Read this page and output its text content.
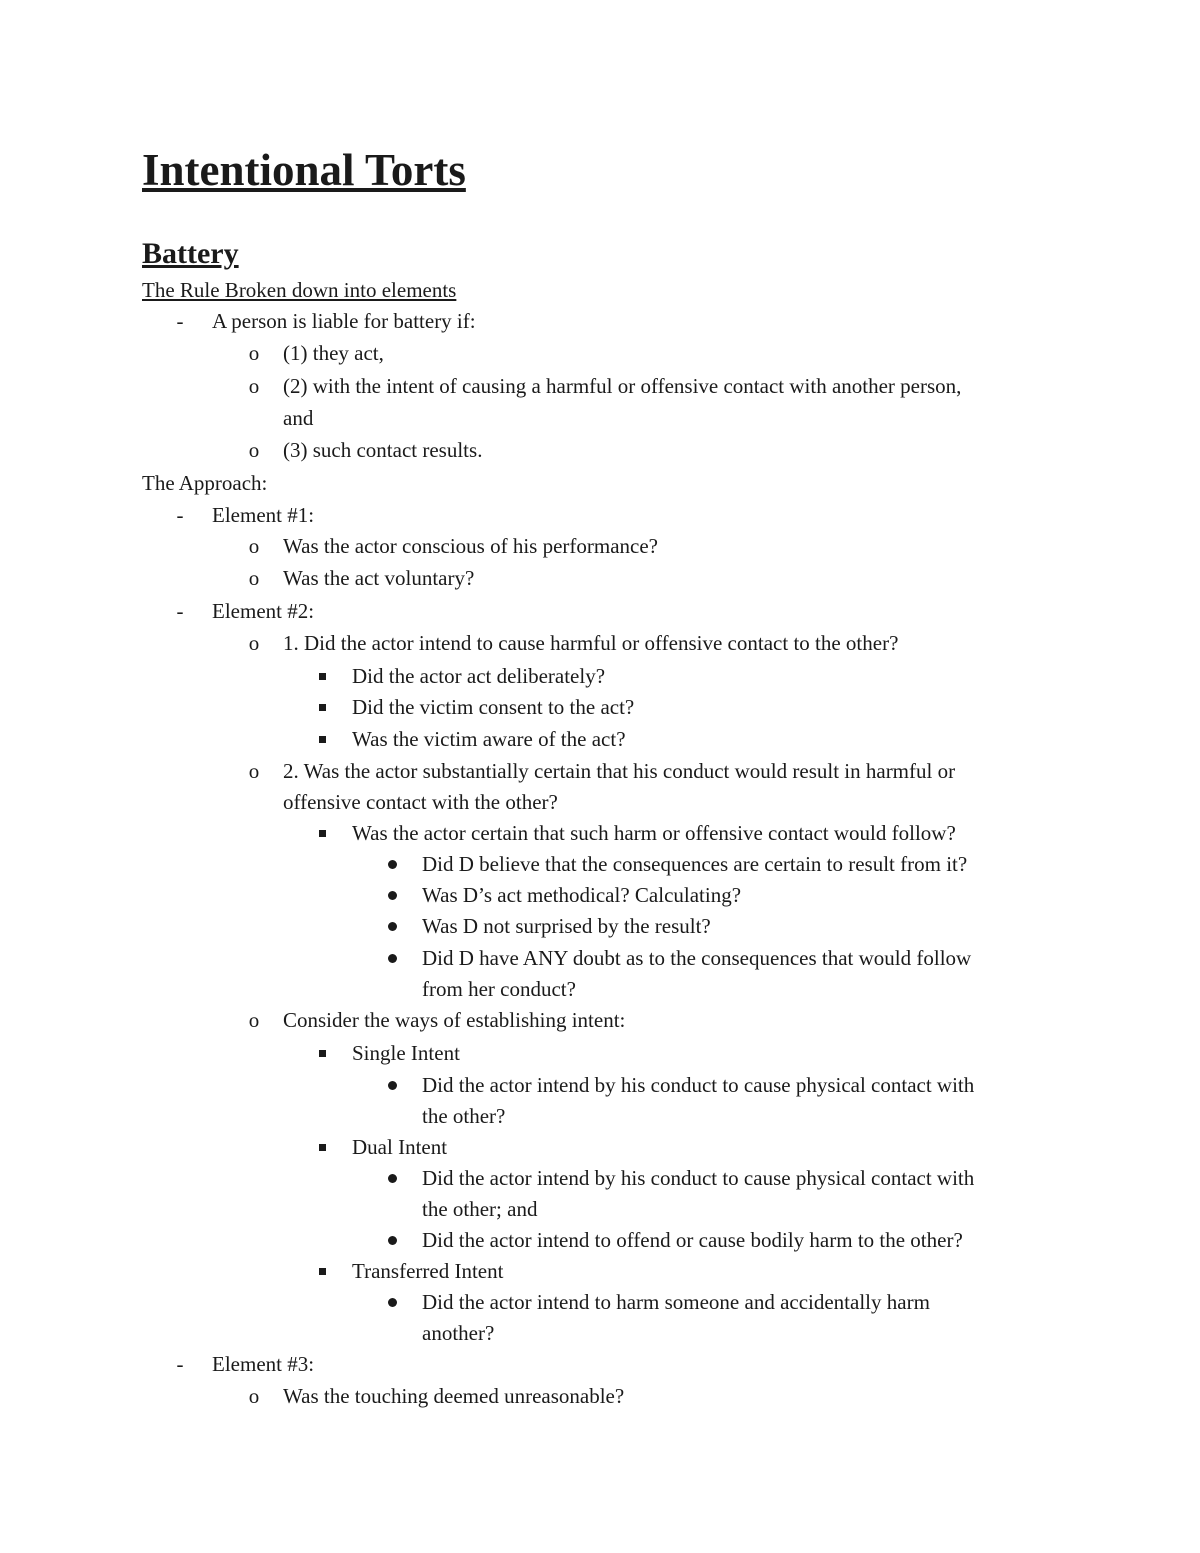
Intentional Torts
Battery
The Rule Broken down into elements
-	A person is liable for battery if:
o (1) they act,
o (2) with the intent of causing a harmful or offensive contact with another person,
and
o (3) such contact results.
The Approach:
-	Element #1:
o Was the actor conscious of his performance?
o Was the act voluntary?
-	Element #2:
o 1. Did the actor intend to cause harmful or offensive contact to the other?
Did the actor act deliberately?
Did the victim consent to the act?
Was the victim aware of the act?
o 2. Was the actor substantially certain that his conduct would result in harmful or
offensive contact with the other?
Was the actor certain that such harm or offensive contact would follow?
Did D believe that the consequences are certain to result from it?
Was D’s act methodical? Calculating?
Was D not surprised by the result?
Did D have ANY doubt as to the consequences that would follow
from her conduct?
o Consider the ways of establishing intent:
Single Intent
Did the actor intend by his conduct to cause physical contact with
the other?
Dual Intent
Did the actor intend by his conduct to cause physical contact with
the other; and
Did the actor intend to offend or cause bodily harm to the other?
Transferred Intent
Did the actor intend to harm someone and accidentally harm
another?
-	Element #3:
o Was the touching deemed unreasonable?
